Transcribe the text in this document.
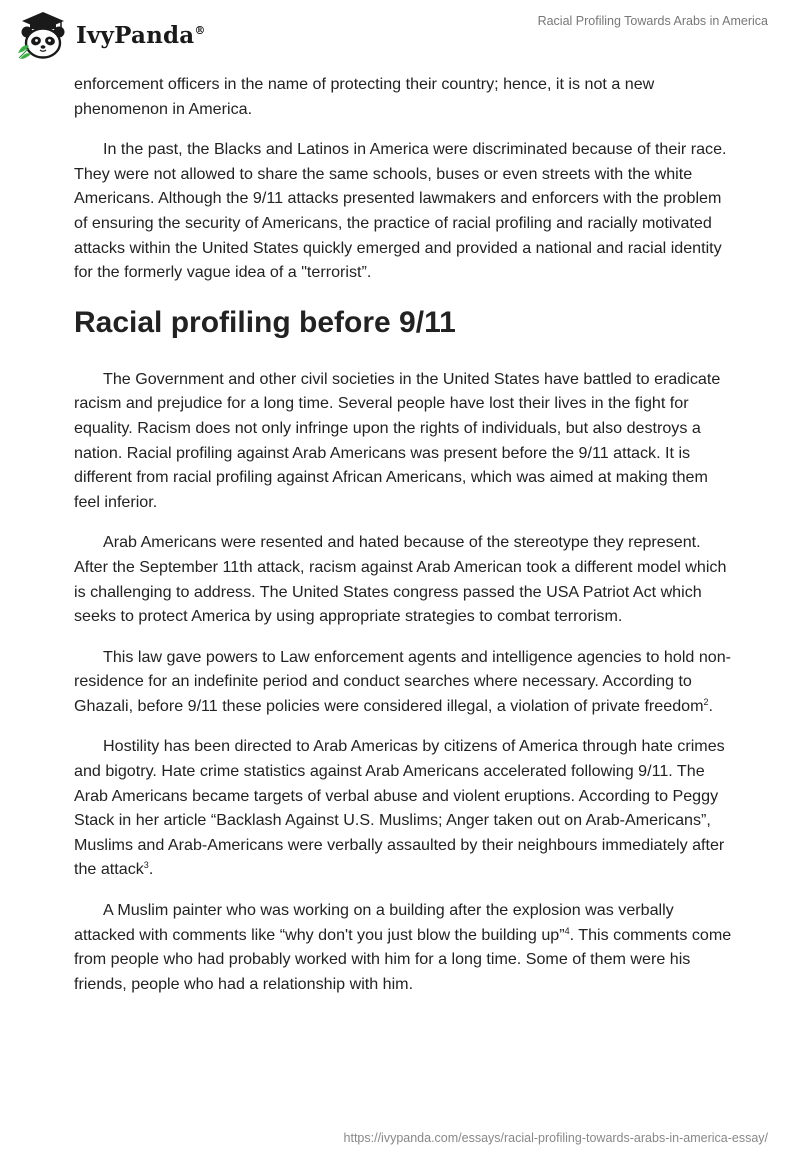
IvyPanda®
Racial Profiling Towards Arabs in America

enforcement officers in the name of protecting their country; hence, it is not a new phenomenon in America.

In the past, the Blacks and Latinos in America were discriminated because of their race. They were not allowed to share the same schools, buses or even streets with the white Americans. Although the 9/11 attacks presented lawmakers and enforcers with the problem of ensuring the security of Americans, the practice of racial profiling and racially motivated attacks within the United States quickly emerged and provided a national and racial identity for the formerly vague idea of a "terrorist”.

Racial profiling before 9/11

The Government and other civil societies in the United States have battled to eradicate racism and prejudice for a long time. Several people have lost their lives in the fight for equality. Racism does not only infringe upon the rights of individuals, but also destroys a nation. Racial profiling against Arab Americans was present before the 9/11 attack. It is different from racial profiling against African Americans, which was aimed at making them feel inferior.

Arab Americans were resented and hated because of the stereotype they represent. After the September 11th attack, racism against Arab American took a different model which is challenging to address. The United States congress passed the USA Patriot Act which seeks to protect America by using appropriate strategies to combat terrorism.

This law gave powers to Law enforcement agents and intelligence agencies to hold non-residence for an indefinite period and conduct searches where necessary. According to Ghazali, before 9/11 these policies were considered illegal, a violation of private freedom$^2$.

Hostility has been directed to Arab Americas by citizens of America through hate crimes and bigotry. Hate crime statistics against Arab Americans accelerated following 9/11. The Arab Americans became targets of verbal abuse and violent eruptions. According to Peggy Stack in her article “Backlash Against U.S. Muslims; Anger taken out on Arab-Americans”, Muslims and Arab-Americans were verbally assaulted by their neighbours immediately after the attack$^3$.

A Muslim painter who was working on a building after the explosion was verbally attacked with comments like “why don't you just blow the building up”$^4$. This comments come from people who had probably worked with him for a long time. Some of them were his friends, people who had a relationship with him.

https://ivypanda.com/essays/racial-profiling-towards-arabs-in-america-essay/
